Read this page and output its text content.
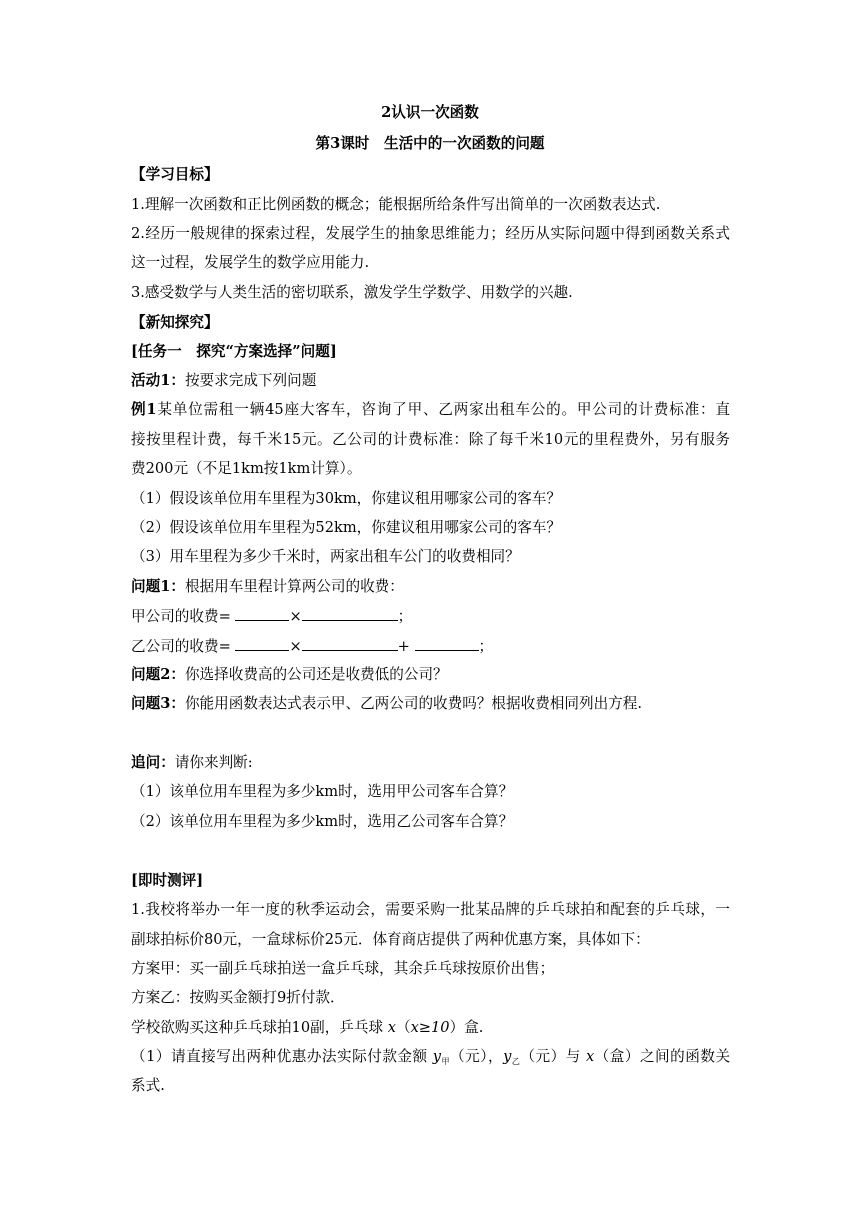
2认识一次函数
第3课时　生活中的一次函数的问题
【学习目标】
1.理解一次函数和正比例函数的概念；能根据所给条件写出简单的一次函数表达式.
2.经历一般规律的探索过程，发展学生的抽象思维能力；经历从实际问题中得到函数关系式
这一过程，发展学生的数学应用能力.
3.感受数学与人类生活的密切联系，激发学生学数学、用数学的兴趣.
【新知探究】
[任务一　探究“方案选择”问题]
活动1：按要求完成下列问题
例1某单位需租一辆45座大客车，咨询了甲、乙两家出租车公的。甲公司的计费标准：直
接按里程计费，每千米15元。乙公司的计费标准：除了每千米10元的里程费外，另有服务
费200元（不足1km按1km计算）。
（1）假设该单位用车里程为30km，你建议租用哪家公司的客车？
（2）假设该单位用车里程为52km，你建议租用哪家公司的客车？
（3）用车里程为多少千米时，两家出租车公门的收费相同？
问题1：根据用车里程计算两公司的收费：
甲公司的收费=	×	；
乙公司的收费=	×	+	；
问题2：你选择收费高的公司还是收费低的公司？
问题3：你能用函数表达式表示甲、乙两公司的收费吗？根据收费相同列出方程.
追问：请你来判断:
（1）该单位用车里程为多少km时，选用甲公司客车合算？
（2）该单位用车里程为多少km时，选用乙公司客车合算？
[即时测评]
1.我校将举办一年一度的秋季运动会，需要采购一批某品牌的乒乓球拍和配套的乒乓球，一
副球拍标价80元，一盒球标价25元．体育商店提供了两种优惠方案，具体如下：
方案甲：买一副乒乓球拍送一盒乒乓球，其余乒乓球按原价出售；
方案乙：按购买金额打9折付款．
学校欲购买这种乒乓球拍10副，乒乓球 x（x≥10）盒.
（1）请直接写出两种优惠办法实际付款金额 $y_甲$（元），$y_乙$（元）与 x（盒）之间的函数关
系式.
